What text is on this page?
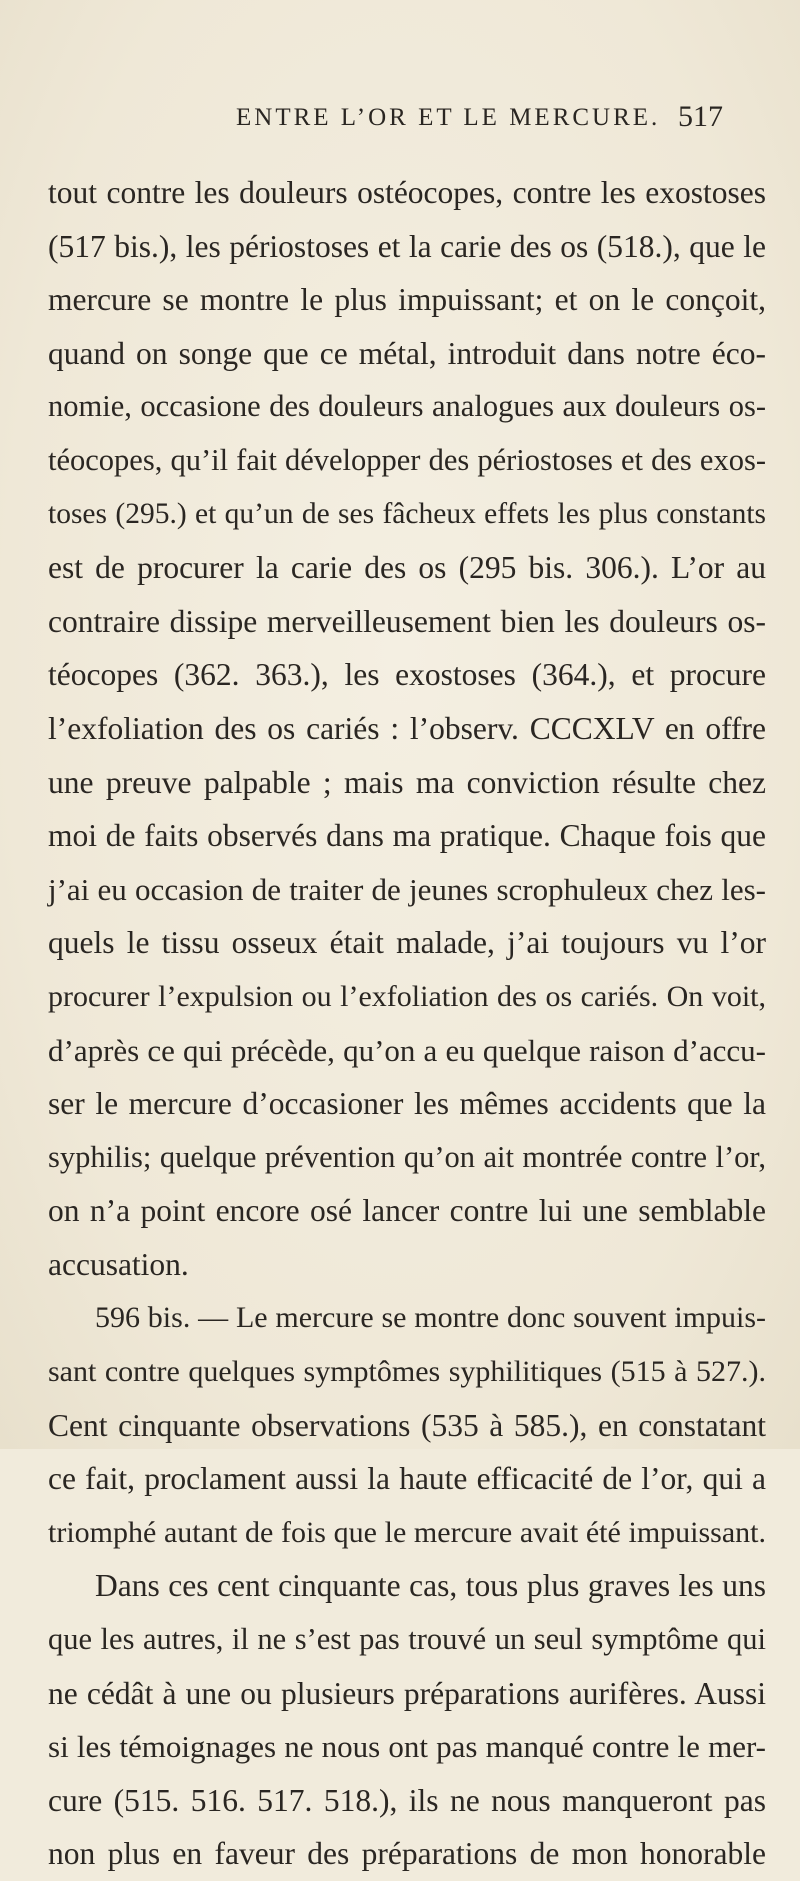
ENTRE L’OR ET LE MERCURE. 517
tout contre les douleurs ostéocopes, contre les exostoses
(517 bis.), les périostoses et la carie des os (518.), que le
mercure se montre le plus impuissant; et on le conçoit,
quand on songe que ce métal, introduit dans notre éco-
nomie, occasione des douleurs analogues aux douleurs os-
téocopes, qu’il fait développer des périostoses et des exos-
toses (295.) et qu’un de ses fâcheux effets les plus constants
est de procurer la carie des os (295 bis. 306.). L’or au
contraire dissipe merveilleusement bien les douleurs os-
téocopes (362. 363.), les exostoses (364.), et procure
l’exfoliation des os cariés : l’observ. CCCXLV en offre
une preuve palpable ; mais ma conviction résulte chez
moi de faits observés dans ma pratique. Chaque fois que
j’ai eu occasion de traiter de jeunes scrophuleux chez les-
quels le tissu osseux était malade, j’ai toujours vu l’or
procurer l’expulsion ou l’exfoliation des os cariés. On voit,
d’après ce qui précède, qu’on a eu quelque raison d’accu-
ser le mercure d’occasioner les mêmes accidents que la
syphilis; quelque prévention qu’on ait montrée contre l’or,
on n’a point encore osé lancer contre lui une semblable
accusation.
596 bis. — Le mercure se montre donc souvent impuis-
sant contre quelques symptômes syphilitiques (515 à 527.).
Cent cinquante observations (535 à 585.), en constatant
ce fait, proclament aussi la haute efficacité de l’or, qui a
triomphé autant de fois que le mercure avait été impuissant.
Dans ces cent cinquante cas, tous plus graves les uns
que les autres, il ne s’est pas trouvé un seul symptôme qui
ne cédât à une ou plusieurs préparations aurifères. Aussi
si les témoignages ne nous ont pas manqué contre le mer-
cure (515. 516. 517. 518.), ils ne nous manqueront pas
non plus en faveur des préparations de mon honorable
